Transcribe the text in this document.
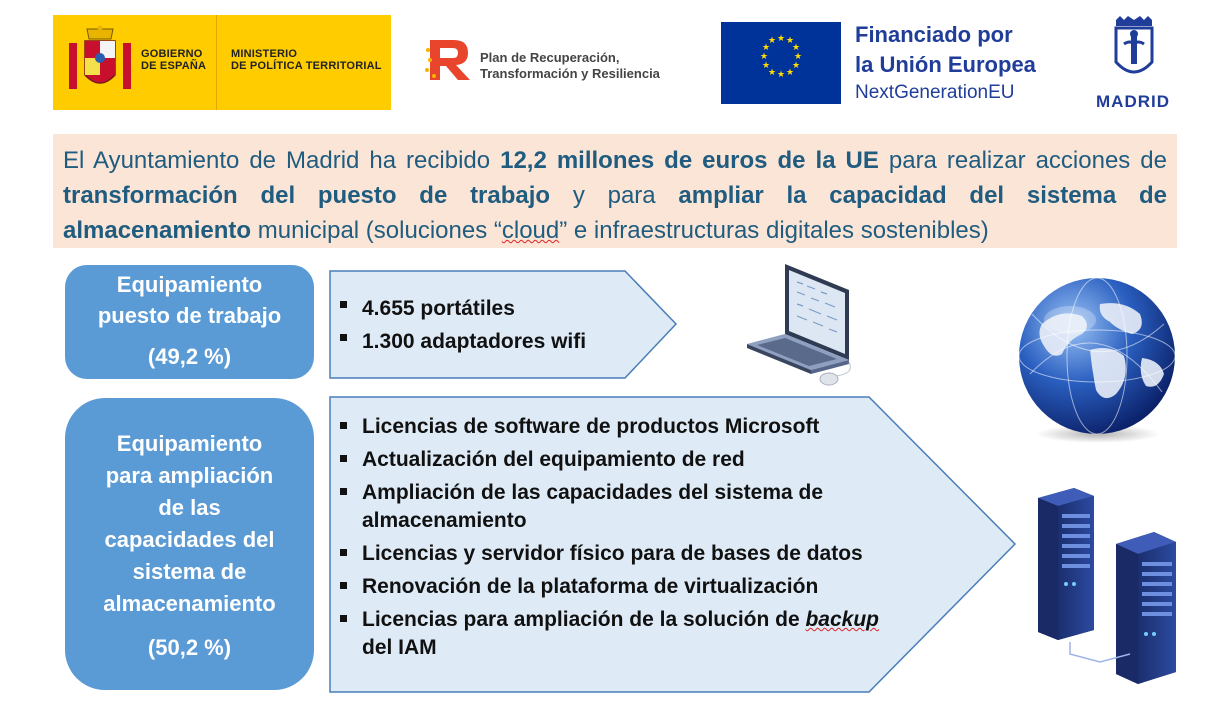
GOBIERNO
DE ESPAÑA
MINISTERIO
DE POLÍTICA TERRITORIAL
Plan de Recuperación,
Transformación y Resiliencia
★ ★
★
★
★
★
★
★
★
★
★
★	Financiado por
la Unión Europea
NextGenerationEU	MADRID
El Ayuntamiento de Madrid ha recibido 12,2 millones de euros de la UE para realizar acciones de transformación del puesto de trabajo y para ampliar la capacidad del sistema de almacenamiento municipal (soluciones “cloud” e infraestructuras digitales sostenibles)
Equipamiento
puesto de trabajo
(49,2 %)
4.655 portátiles
1.300 adaptadores wifi
Equipamiento
para ampliación
de las
capacidades del
sistema de
almacenamiento
(50,2 %)
Licencias de software de productos Microsoft
Actualización del equipamiento de red
Ampliación de las capacidades del sistema de almacenamiento
Licencias y servidor físico para de bases de datos
Renovación de la plataforma de virtualización
Licencias para ampliación de la solución de backup del IAM
